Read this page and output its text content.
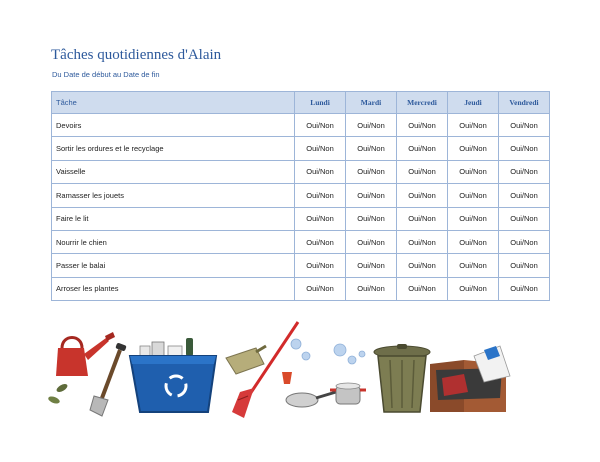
Tâches quotidiennes d'Alain
Du Date de début au Date de fin
Tâche	Lundi	Mardi	Mercredi	Jeudi	Vendredi
Devoirs	Oui/Non	Oui/Non	Oui/Non	Oui/Non	Oui/Non
Sortir les ordures et le recyclage	Oui/Non	Oui/Non	Oui/Non	Oui/Non	Oui/Non
Vaisselle	Oui/Non	Oui/Non	Oui/Non	Oui/Non	Oui/Non
Ramasser les jouets	Oui/Non	Oui/Non	Oui/Non	Oui/Non	Oui/Non
Faire le lit	Oui/Non	Oui/Non	Oui/Non	Oui/Non	Oui/Non
Nourrir le chien	Oui/Non	Oui/Non	Oui/Non	Oui/Non	Oui/Non
Passer le balai	Oui/Non	Oui/Non	Oui/Non	Oui/Non	Oui/Non
Arroser les plantes	Oui/Non	Oui/Non	Oui/Non	Oui/Non	Oui/Non
